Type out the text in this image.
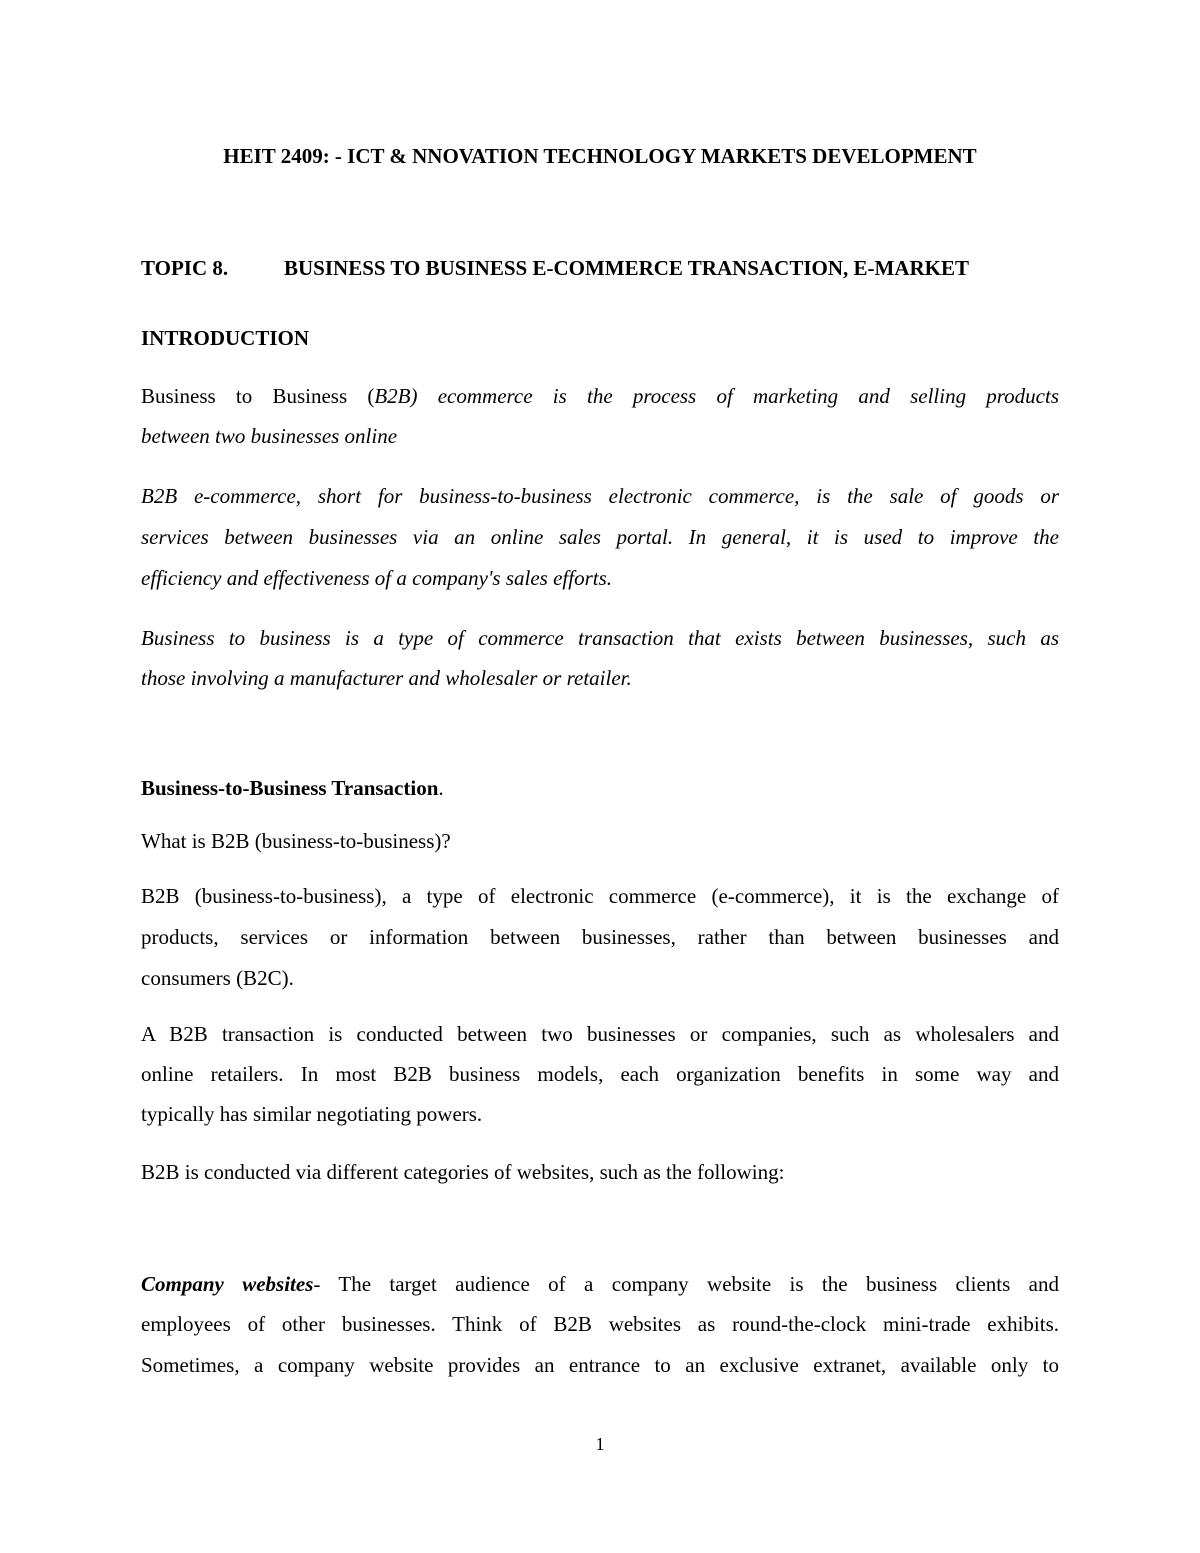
HEIT 2409: - ICT & NNOVATION TECHNOLOGY MARKETS DEVELOPMENT
TOPIC 8.	BUSINESS TO BUSINESS E-COMMERCE TRANSACTION, E-MARKET
INTRODUCTION
Business to Business (B2B) ecommerce is the process of marketing and selling products
between two businesses online
B2B e-commerce, short for business-to-business electronic commerce, is the sale of goods or
services between businesses via an online sales portal. In general, it is used to improve the
efficiency and effectiveness of a company's sales efforts.
Business to business is a type of commerce transaction that exists between businesses, such as
those involving a manufacturer and wholesaler or retailer.
Business-to-Business Transaction.
What is B2B (business-to-business)?
B2B (business-to-business), a type of electronic commerce (e-commerce), it is the exchange of
products, services or information between businesses, rather than between businesses and
consumers (B2C).
A B2B transaction is conducted between two businesses or companies, such as wholesalers and
online retailers. In most B2B business models, each organization benefits in some way and
typically has similar negotiating powers.
B2B is conducted via different categories of websites, such as the following:
Company websites- The target audience of a company website is the business clients and
employees of other businesses. Think of B2B websites as round-the-clock mini-trade exhibits.
Sometimes, a company website provides an entrance to an exclusive extranet, available only to
1
